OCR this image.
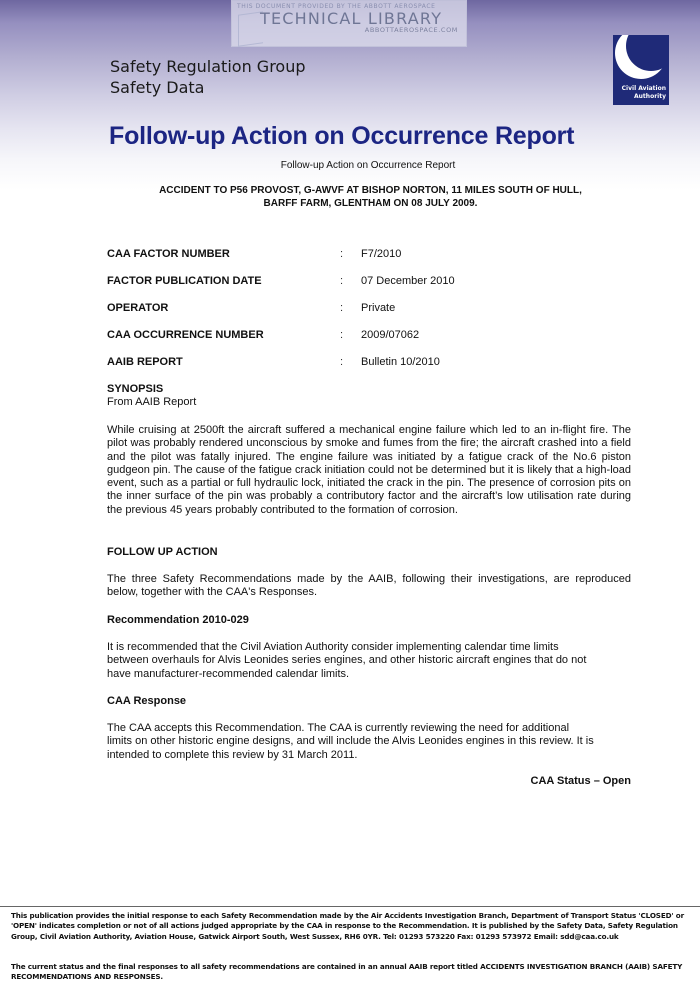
THIS DOCUMENT PROVIDED BY THE ABBOTT AEROSPACE
TECHNICAL LIBRARY
ABBOTTAEROSPACE.COM
Safety Regulation Group
Safety Data	Civil Aviation
Authority
Follow-up Action on Occurrence Report
Follow-up Action on Occurrence Report
ACCIDENT TO P56 PROVOST, G-AWVF AT BISHOP NORTON, 11 MILES SOUTH OF HULL,
BARFF FARM, GLENTHAM ON 08 JULY 2009.
CAA FACTOR NUMBER	: F7/2010
FACTOR PUBLICATION DATE	: 07 December 2010
OPERATOR	: Private
CAA OCCURRENCE NUMBER	: 2009/07062
AAIB REPORT	: Bulletin 10/2010
SYNOPSIS
From AAIB Report
While cruising at 2500ft the aircraft suffered a mechanical engine failure which led to an in-flight fire. The pilot was probably rendered unconscious by smoke and fumes from the fire; the aircraft crashed into a field and the pilot was fatally injured. The engine failure was initiated by a fatigue crack of the No.6 piston gudgeon pin. The cause of the fatigue crack initiation could not be determined but it is likely that a high-load event, such as a partial or full hydraulic lock, initiated the crack in the pin. The presence of corrosion pits on the inner surface of the pin was probably a contributory factor and the aircraft’s low utilisation rate during the previous 45 years probably contributed to the formation of corrosion.
FOLLOW UP ACTION
The three Safety Recommendations made by the AAIB, following their investigations, are reproduced below, together with the CAA's Responses.
Recommendation 2010-029
It is recommended that the Civil Aviation Authority consider implementing calendar time limits
between overhauls for Alvis Leonides series engines, and other historic aircraft engines that do not
have manufacturer-recommended calendar limits.
CAA Response
The CAA accepts this Recommendation. The CAA is currently reviewing the need for additional
limits on other historic engine designs, and will include the Alvis Leonides engines in this review. It is
intended to complete this review by 31 March 2011.
CAA Status – Open
This publication provides the initial response to each Safety Recommendation made by the Air Accidents Investigation Branch, Department of Transport Status 'CLOSED' or 'OPEN' indicates completion or not of all actions judged appropriate by the CAA in response to the Recommendation. It is published by the Safety Data, Safety Regulation Group, Civil Aviation Authority, Aviation House, Gatwick Airport South, West Sussex, RH6 0YR. Tel: 01293 573220 Fax: 01293 573972 Email: sdd@caa.co.uk
The current status and the final responses to all safety recommendations are contained in an annual AAIB report titled ACCIDENTS INVESTIGATION BRANCH (AAIB) SAFETY RECOMMENDATIONS AND RESPONSES.
